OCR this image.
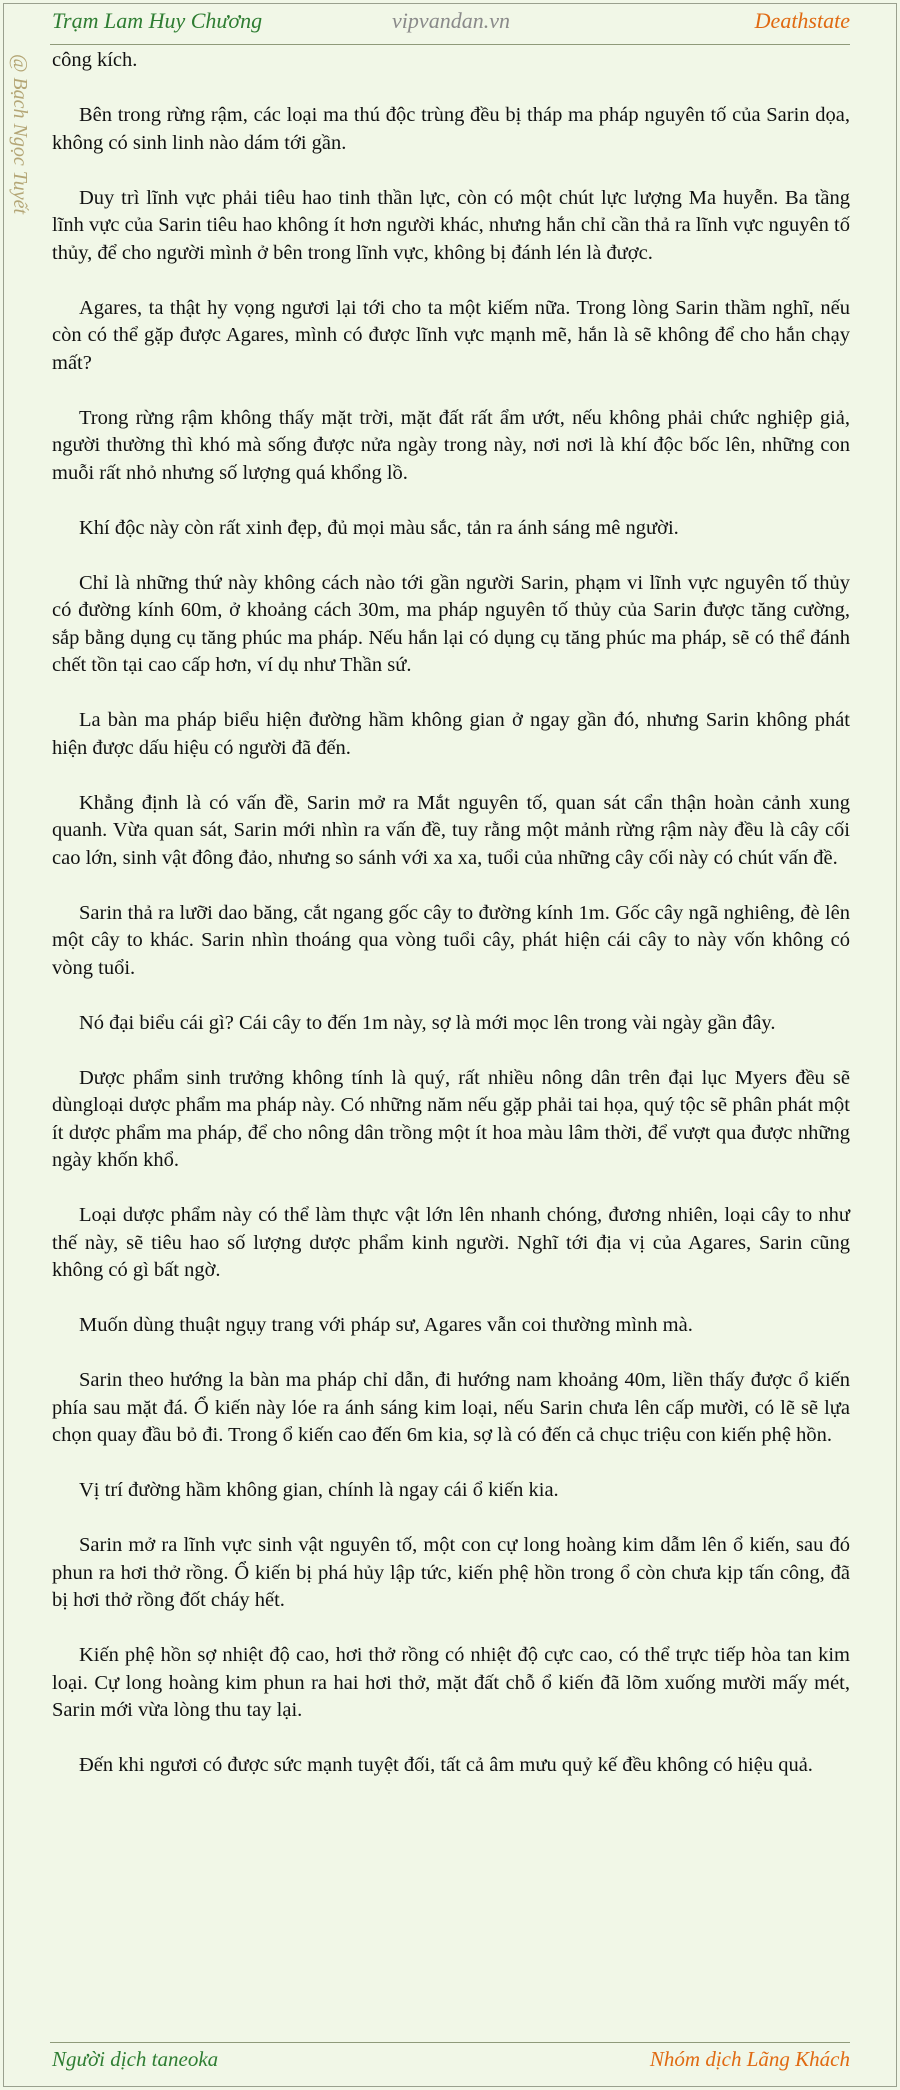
Trạm Lam Huy Chương	vipvandan.vn	Deathstate
@ Bạch Ngọc Tuyết công kích.

Bên trong rừng rậm, các loại ma thú độc trùng đều bị tháp ma pháp nguyên tố của Sarin dọa, không có sinh linh nào dám tới gần.

Duy trì lĩnh vực phải tiêu hao tinh thần lực, còn có một chút lực lượng Ma huyễn. Ba tầng lĩnh vực của Sarin tiêu hao không ít hơn người khác, nhưng hắn chỉ cần thả ra lĩnh vực nguyên tố thủy, để cho người mình ở bên trong lĩnh vực, không bị đánh lén là được.

Agares, ta thật hy vọng ngươi lại tới cho ta một kiếm nữa. Trong lòng Sarin thầm nghĩ, nếu còn có thể gặp được Agares, mình có được lĩnh vực mạnh mẽ, hắn là sẽ không để cho hắn chạy mất?

Trong rừng rậm không thấy mặt trời, mặt đất rất ẩm ướt, nếu không phải chức nghiệp giả, người thường thì khó mà sống được nửa ngày trong này, nơi nơi là khí độc bốc lên, những con muỗi rất nhỏ nhưng số lượng quá khổng lồ.

Khí độc này còn rất xinh đẹp, đủ mọi màu sắc, tản ra ánh sáng mê người.

Chỉ là những thứ này không cách nào tới gần người Sarin, phạm vi lĩnh vực nguyên tố thủy có đường kính 60m, ở khoảng cách 30m, ma pháp nguyên tố thủy của Sarin được tăng cường, sắp bằng dụng cụ tăng phúc ma pháp. Nếu hắn lại có dụng cụ tăng phúc ma pháp, sẽ có thể đánh chết tồn tại cao cấp hơn, ví dụ như Thần sứ.

La bàn ma pháp biểu hiện đường hầm không gian ở ngay gần đó, nhưng Sarin không phát hiện được dấu hiệu có người đã đến.

Khẳng định là có vấn đề, Sarin mở ra Mắt nguyên tố, quan sát cẩn thận hoàn cảnh xung quanh. Vừa quan sát, Sarin mới nhìn ra vấn đề, tuy rằng một mảnh rừng rậm này đều là cây cối cao lớn, sinh vật đông đảo, nhưng so sánh với xa xa, tuổi của những cây cối này có chút vấn đề.

Sarin thả ra lưỡi dao băng, cắt ngang gốc cây to đường kính 1m. Gốc cây ngã nghiêng, đè lên một cây to khác. Sarin nhìn thoáng qua vòng tuổi cây, phát hiện cái cây to này vốn không có vòng tuổi.

Nó đại biểu cái gì? Cái cây to đến 1m này, sợ là mới mọc lên trong vài ngày gần đây.

Dược phẩm sinh trưởng không tính là quý, rất nhiều nông dân trên đại lục Myers đều sẽ dùngloại dược phẩm ma pháp này. Có những năm nếu gặp phải tai họa, quý tộc sẽ phân phát một ít dược phẩm ma pháp, để cho nông dân trồng một ít hoa màu lâm thời, để vượt qua được những ngày khốn khổ.

Loại dược phẩm này có thể làm thực vật lớn lên nhanh chóng, đương nhiên, loại cây to như thế này, sẽ tiêu hao số lượng dược phẩm kinh người. Nghĩ tới địa vị của Agares, Sarin cũng không có gì bất ngờ.

Muốn dùng thuật ngụy trang với pháp sư, Agares vẫn coi thường mình mà.

Sarin theo hướng la bàn ma pháp chỉ dẫn, đi hướng nam khoảng 40m, liền thấy được ổ kiến phía sau mặt đá. Ổ kiến này lóe ra ánh sáng kim loại, nếu Sarin chưa lên cấp mười, có lẽ sẽ lựa chọn quay đầu bỏ đi. Trong ổ kiến cao đến 6m kia, sợ là có đến cả chục triệu con kiến phệ hồn.

Vị trí đường hầm không gian, chính là ngay cái ổ kiến kia.

Sarin mở ra lĩnh vực sinh vật nguyên tố, một con cự long hoàng kim dẫm lên ổ kiến, sau đó phun ra hơi thở rồng. Ổ kiến bị phá hủy lập tức, kiến phệ hồn trong ổ còn chưa kịp tấn công, đã bị hơi thở rồng đốt cháy hết.

Kiến phệ hồn sợ nhiệt độ cao, hơi thở rồng có nhiệt độ cực cao, có thể trực tiếp hòa tan kim loại. Cự long hoàng kim phun ra hai hơi thở, mặt đất chỗ ổ kiến đã lõm xuống mười mấy mét, Sarin mới vừa lòng thu tay lại.

Đến khi ngươi có được sức mạnh tuyệt đối, tất cả âm mưu quỷ kế đều không có hiệu quả.

Người dịch taneoka	Nhóm dịch Lãng Khách
